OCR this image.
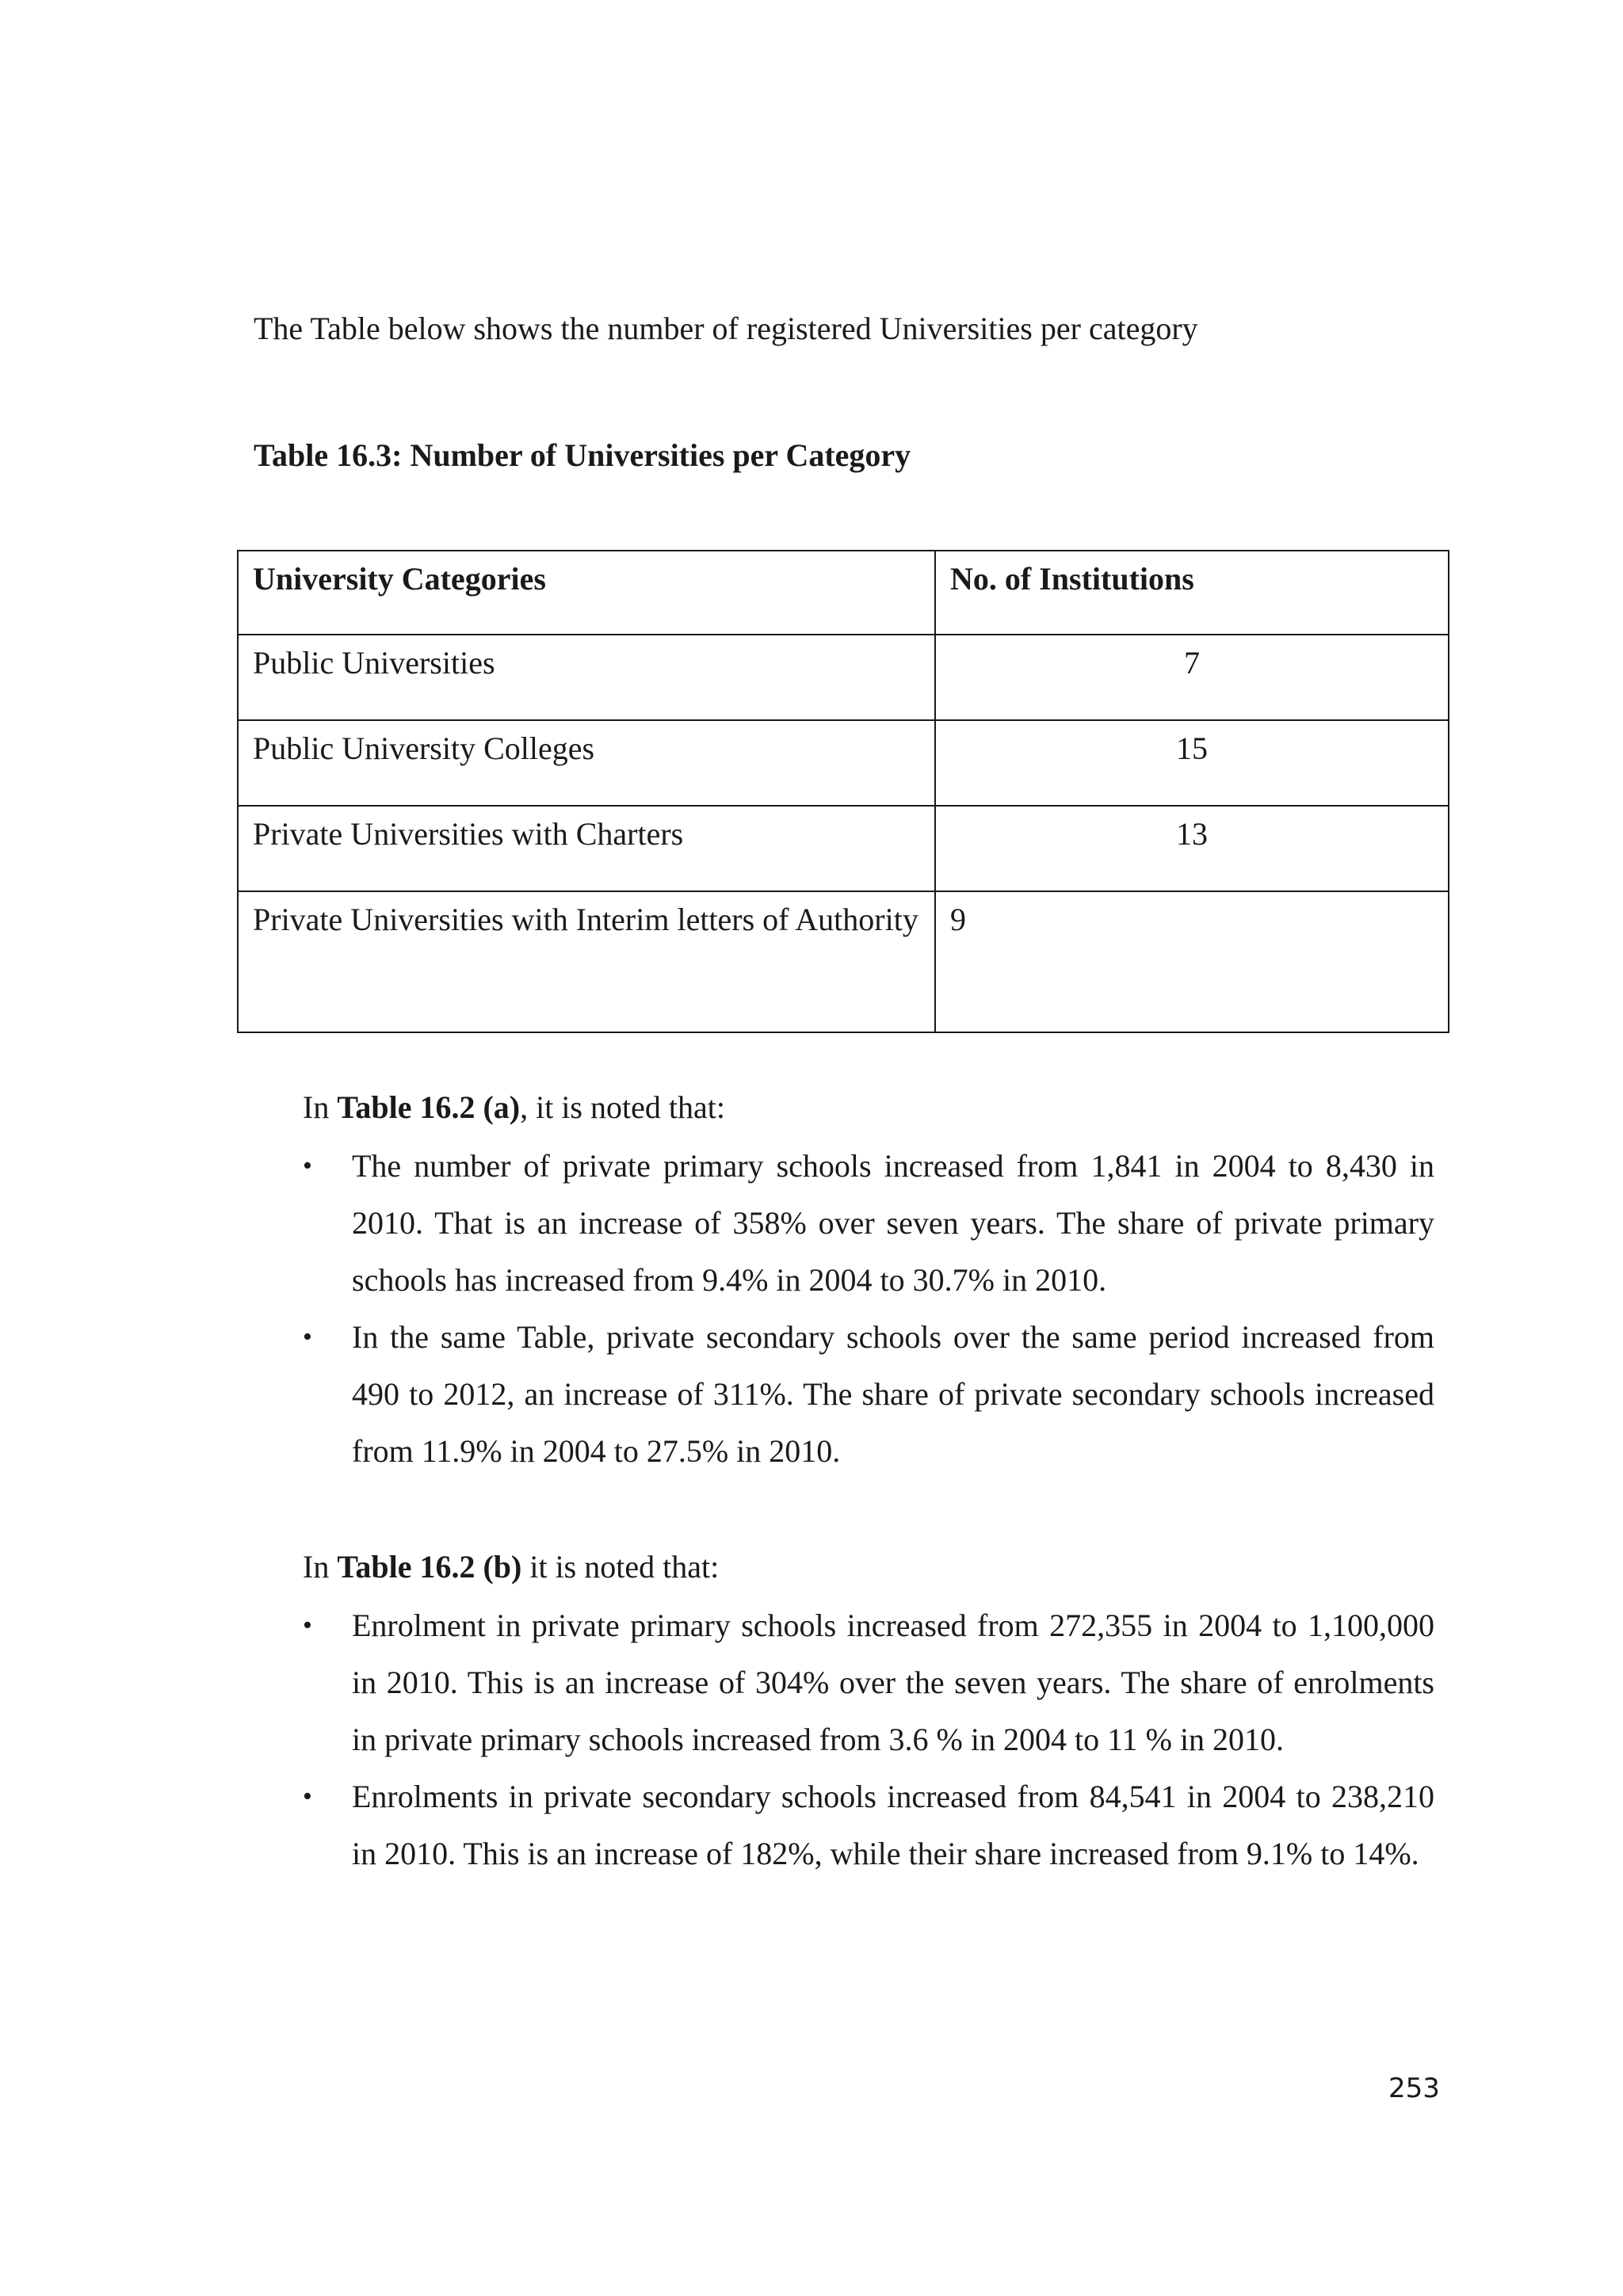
The Table below shows the number of registered Universities per category
Table 16.3: Number of Universities per Category
University Categories	No. of Institutions
Public Universities	7
Public University Colleges	15
Private Universities with Charters	13
Private Universities with Interim letters of Authority	9

In Table 16.2 (a), it is noted that:

• The number of private primary schools increased from 1,841 in 2004 to 8,430 in 2010. That is an increase of 358% over seven years. The share of private primary schools has increased from 9.4% in 2004 to 30.7% in 2010.
• In the same Table, private secondary schools over the same period increased from 490 to 2012, an increase of 311%. The share of private secondary schools increased from 11.9% in 2004 to 27.5% in 2010.

In Table 16.2 (b) it is noted that:

• Enrolment in private primary schools increased from 272,355 in 2004 to 1,100,000 in 2010. This is an increase of 304% over the seven years. The share of enrolments in private primary schools increased from 3.6 % in 2004 to 11 % in 2010.
• Enrolments in private secondary schools increased from 84,541 in 2004 to 238,210 in 2010. This is an increase of 182%, while their share increased from 9.1% to 14%.
253
